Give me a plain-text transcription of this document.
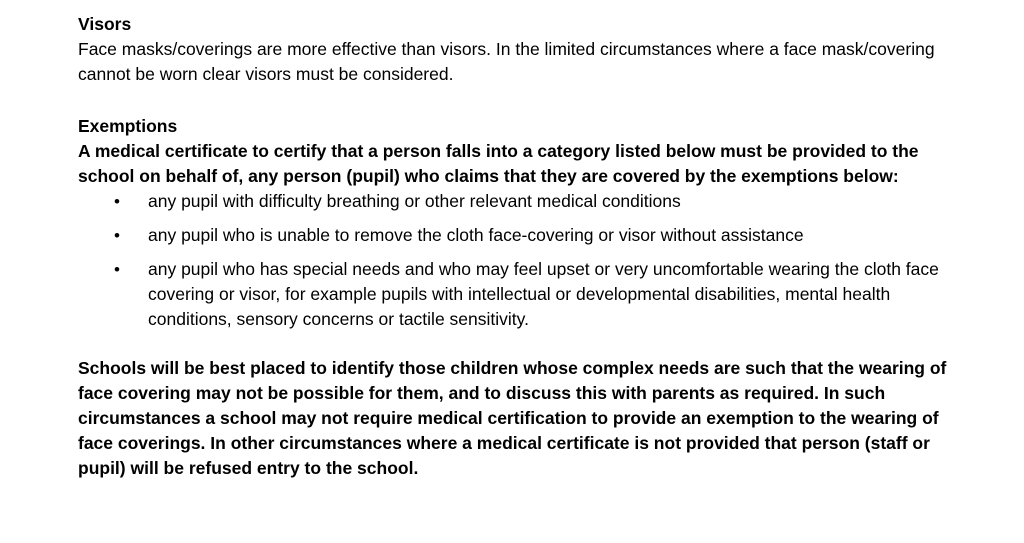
Visors

Face masks/coverings are more effective than visors. In the limited circumstances where a face mask/covering cannot be worn clear visors must be considered.

Exemptions

A medical certificate to certify that a person falls into a category listed below must be provided to the school on behalf of, any person (pupil) who claims that they are covered by the exemptions below:

• any pupil with difficulty breathing or other relevant medical conditions
• any pupil who is unable to remove the cloth face-covering or visor without assistance
• any pupil who has special needs and who may feel upset or very uncomfortable wearing the cloth face covering or visor, for example pupils with intellectual or developmental disabilities, mental health conditions, sensory concerns or tactile sensitivity.

Schools will be best placed to identify those children whose complex needs are such that the wearing of face covering may not be possible for them, and to discuss this with parents as required. In such circumstances a school may not require medical certification to provide an exemption to the wearing of face coverings. In other circumstances where a medical certificate is not provided that person (staff or pupil) will be refused entry to the school.
